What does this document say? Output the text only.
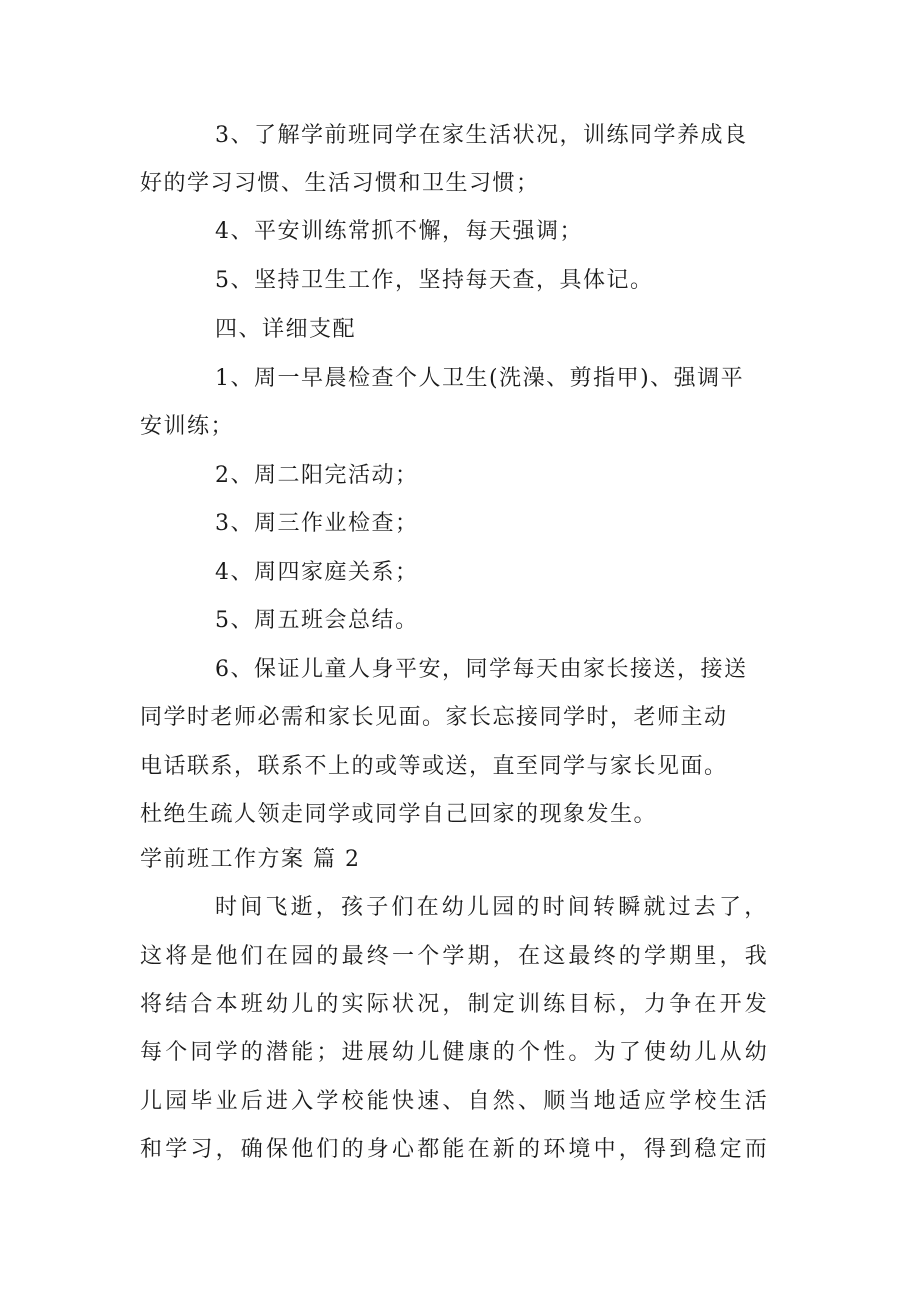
3、了解学前班同学在家生活状况，训练同学养成良
好的学习习惯、生活习惯和卫生习惯；
4、平安训练常抓不懈，每天强调；
5、坚持卫生工作，坚持每天查，具体记。
四、详细支配
1、周一早晨检查个人卫生(洗澡、剪指甲)、强调平
安训练；
2、周二阳完活动；
3、周三作业检查；
4、周四家庭关系；
5、周五班会总结。
6、保证儿童人身平安，同学每天由家长接送，接送
同学时老师必需和家长见面。家长忘接同学时，老师主动
电话联系，联系不上的或等或送，直至同学与家长见面。
杜绝生疏人领走同学或同学自己回家的现象发生。
学前班工作方案 篇 2
时间飞逝，孩子们在幼儿园的时间转瞬就过去了，
这将是他们在园的最终一个学期，在这最终的学期里，我
将结合本班幼儿的实际状况，制定训练目标，力争在开发
每个同学的潜能；进展幼儿健康的个性。为了使幼儿从幼
儿园毕业后进入学校能快速、自然、顺当地适应学校生活
和学习，确保他们的身心都能在新的环境中，得到稳定而
